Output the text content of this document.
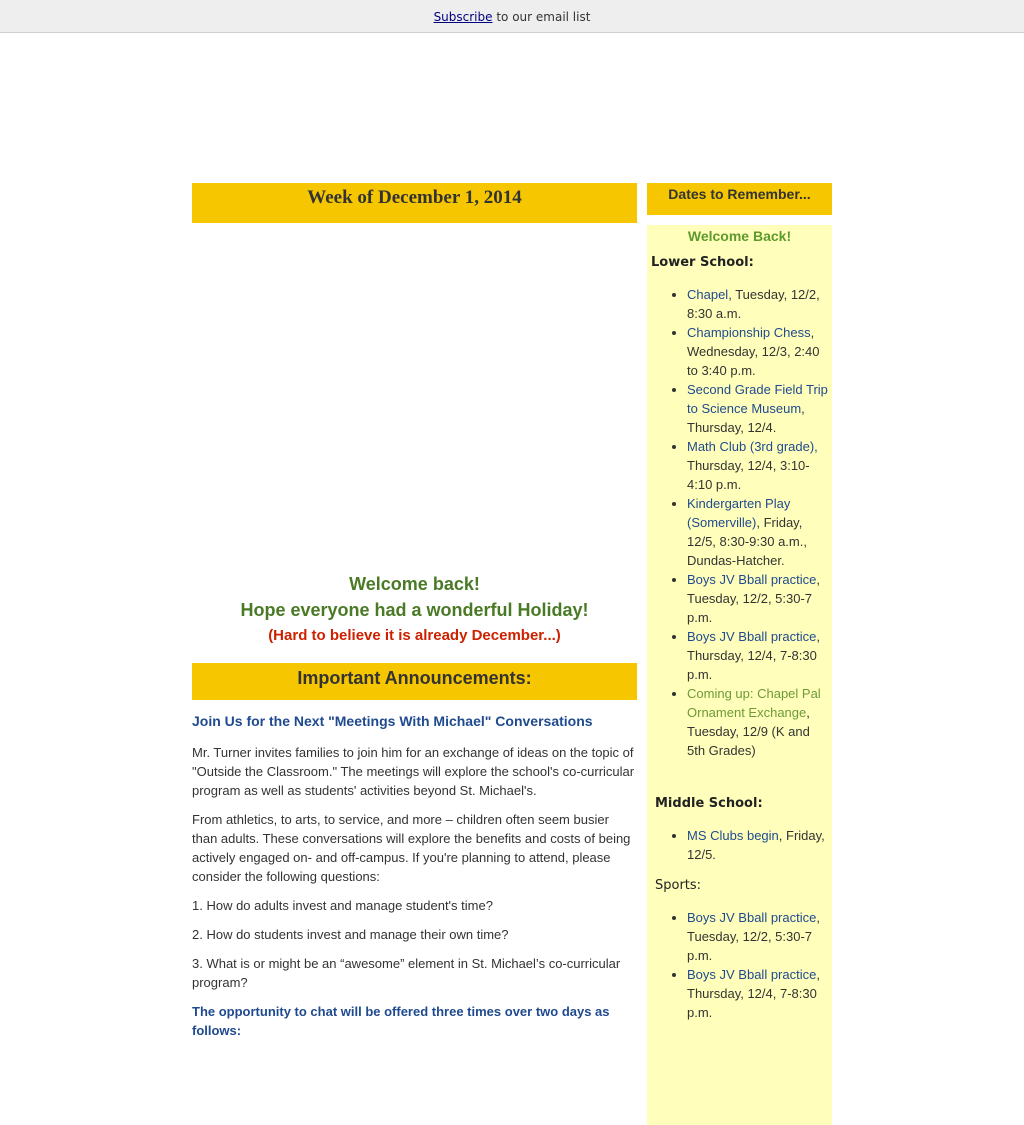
Subscribe to our email list
Week of December 1, 2014
Welcome back!
Hope everyone had a wonderful Holiday!
(Hard to believe it is already December...)
Important Announcements:
Join Us for the Next "Meetings With Michael" Conversations
Mr. Turner invites families to join him for an exchange of ideas on the topic of "Outside the Classroom." The meetings will explore the school's co-curricular program as well as students' activities beyond St. Michael's.
From athletics, to arts, to service, and more – children often seem busier than adults. These conversations will explore the benefits and costs of being actively engaged on- and off-campus. If you're planning to attend, please consider the following questions:
1. How do adults invest and manage student's time?
2. How do students invest and manage their own time?
3. What is or might be an “awesome” element in St. Michael’s co-curricular program?
The opportunity to chat will be offered three times over two days as follows:
Dates to Remember...
Welcome Back!
Lower School:
• Chapel, Tuesday, 12/2, 8:30 a.m.
• Championship Chess, Wednesday, 12/3, 2:40 to 3:40 p.m.
• Second Grade Field Trip to Science Museum, Thursday, 12/4.
• Math Club (3rd grade), Thursday, 12/4, 3:10-4:10 p.m.
• Kindergarten Play (Somerville), Friday, 12/5, 8:30-9:30 a.m., Dundas-Hatcher.
• Boys JV Bball practice, Tuesday, 12/2, 5:30-7 p.m.
• Boys JV Bball practice, Thursday, 12/4, 7-8:30 p.m.
• Coming up: Chapel Pal Ornament Exchange, Tuesday, 12/9 (K and 5th Grades)
Middle School:
• MS Clubs begin, Friday, 12/5.
Sports:
• Boys JV Bball practice, Tuesday, 12/2, 5:30-7 p.m.
• Boys JV Bball practice, Thursday, 12/4, 7-8:30 p.m.
